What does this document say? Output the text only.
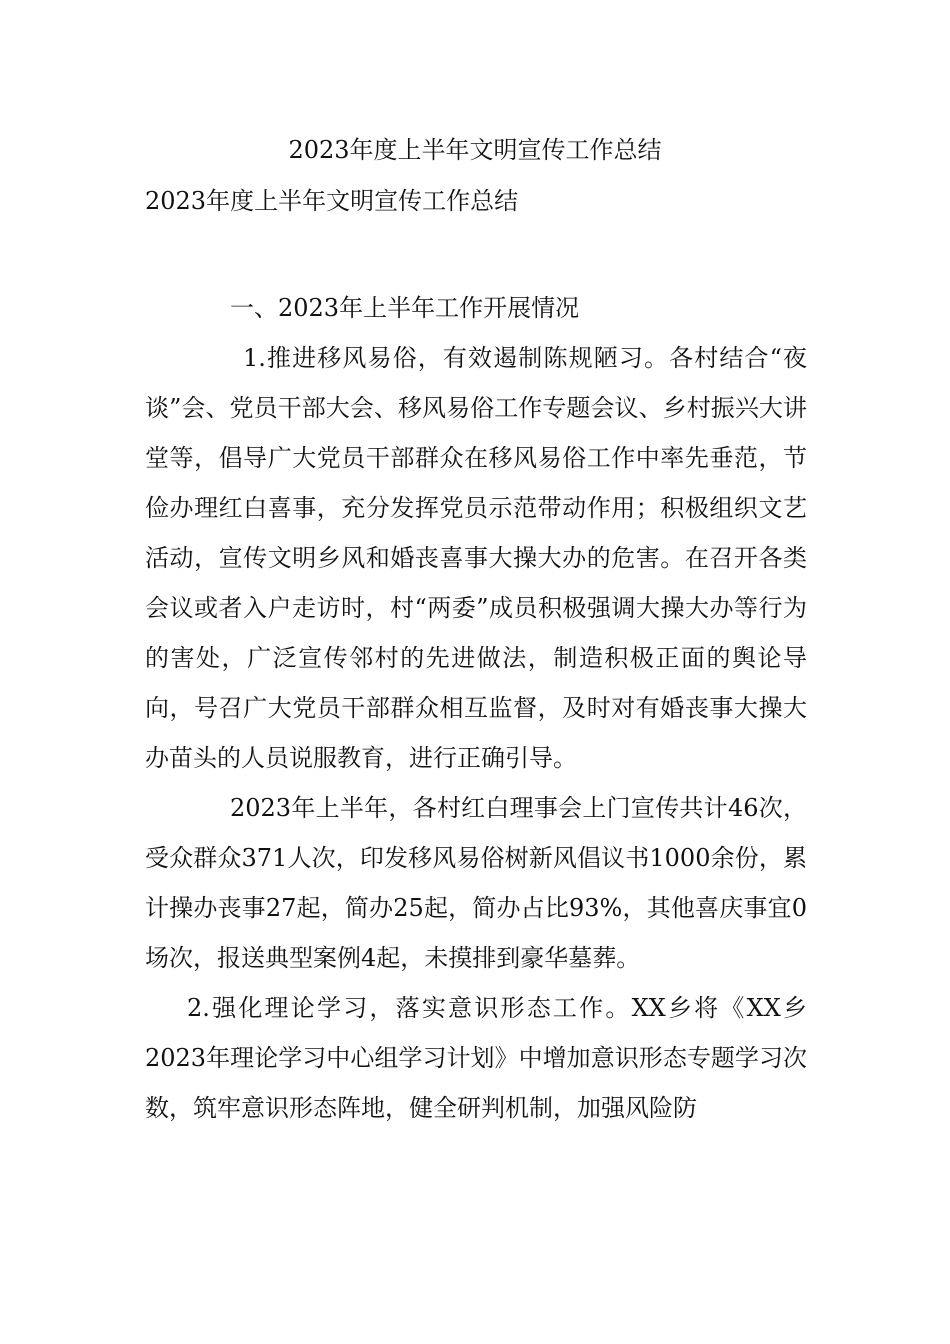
2023年度上半年文明宣传工作总结

2023年度上半年文明宣传工作总结

一、2023年上半年工作开展情况

1.推进移风易俗，有效遏制陈规陋习。各村结合“夜谈”会、党员干部大会、移风易俗工作专题会议、乡村振兴大讲堂等，倡导广大党员干部群众在移风易俗工作中率先垂范，节俭办理红白喜事，充分发挥党员示范带动作用；积极组织文艺活动，宣传文明乡风和婚丧喜事大操大办的危害。在召开各类会议或者入户走访时，村“两委”成员积极强调大操大办等行为的害处，广泛宣传邻村的先进做法，制造积极正面的舆论导向，号召广大党员干部群众相互监督，及时对有婚丧事大操大办苗头的人员说服教育，进行正确引导。

2023年上半年，各村红白理事会上门宣传共计46次，受众群众371人次，印发移风易俗树新风倡议书1000余份，累计操办丧事27起，简办25起，简办占比93%，其他喜庆事宜0场次，报送典型案例4起，未摸排到豪华墓葬。

2.强化理论学习，落实意识形态工作。XX乡将《XX乡2023年理论学习中心组学习计划》中增加意识形态专题学习次数，筑牢意识形态阵地，健全研判机制，加强风险防
